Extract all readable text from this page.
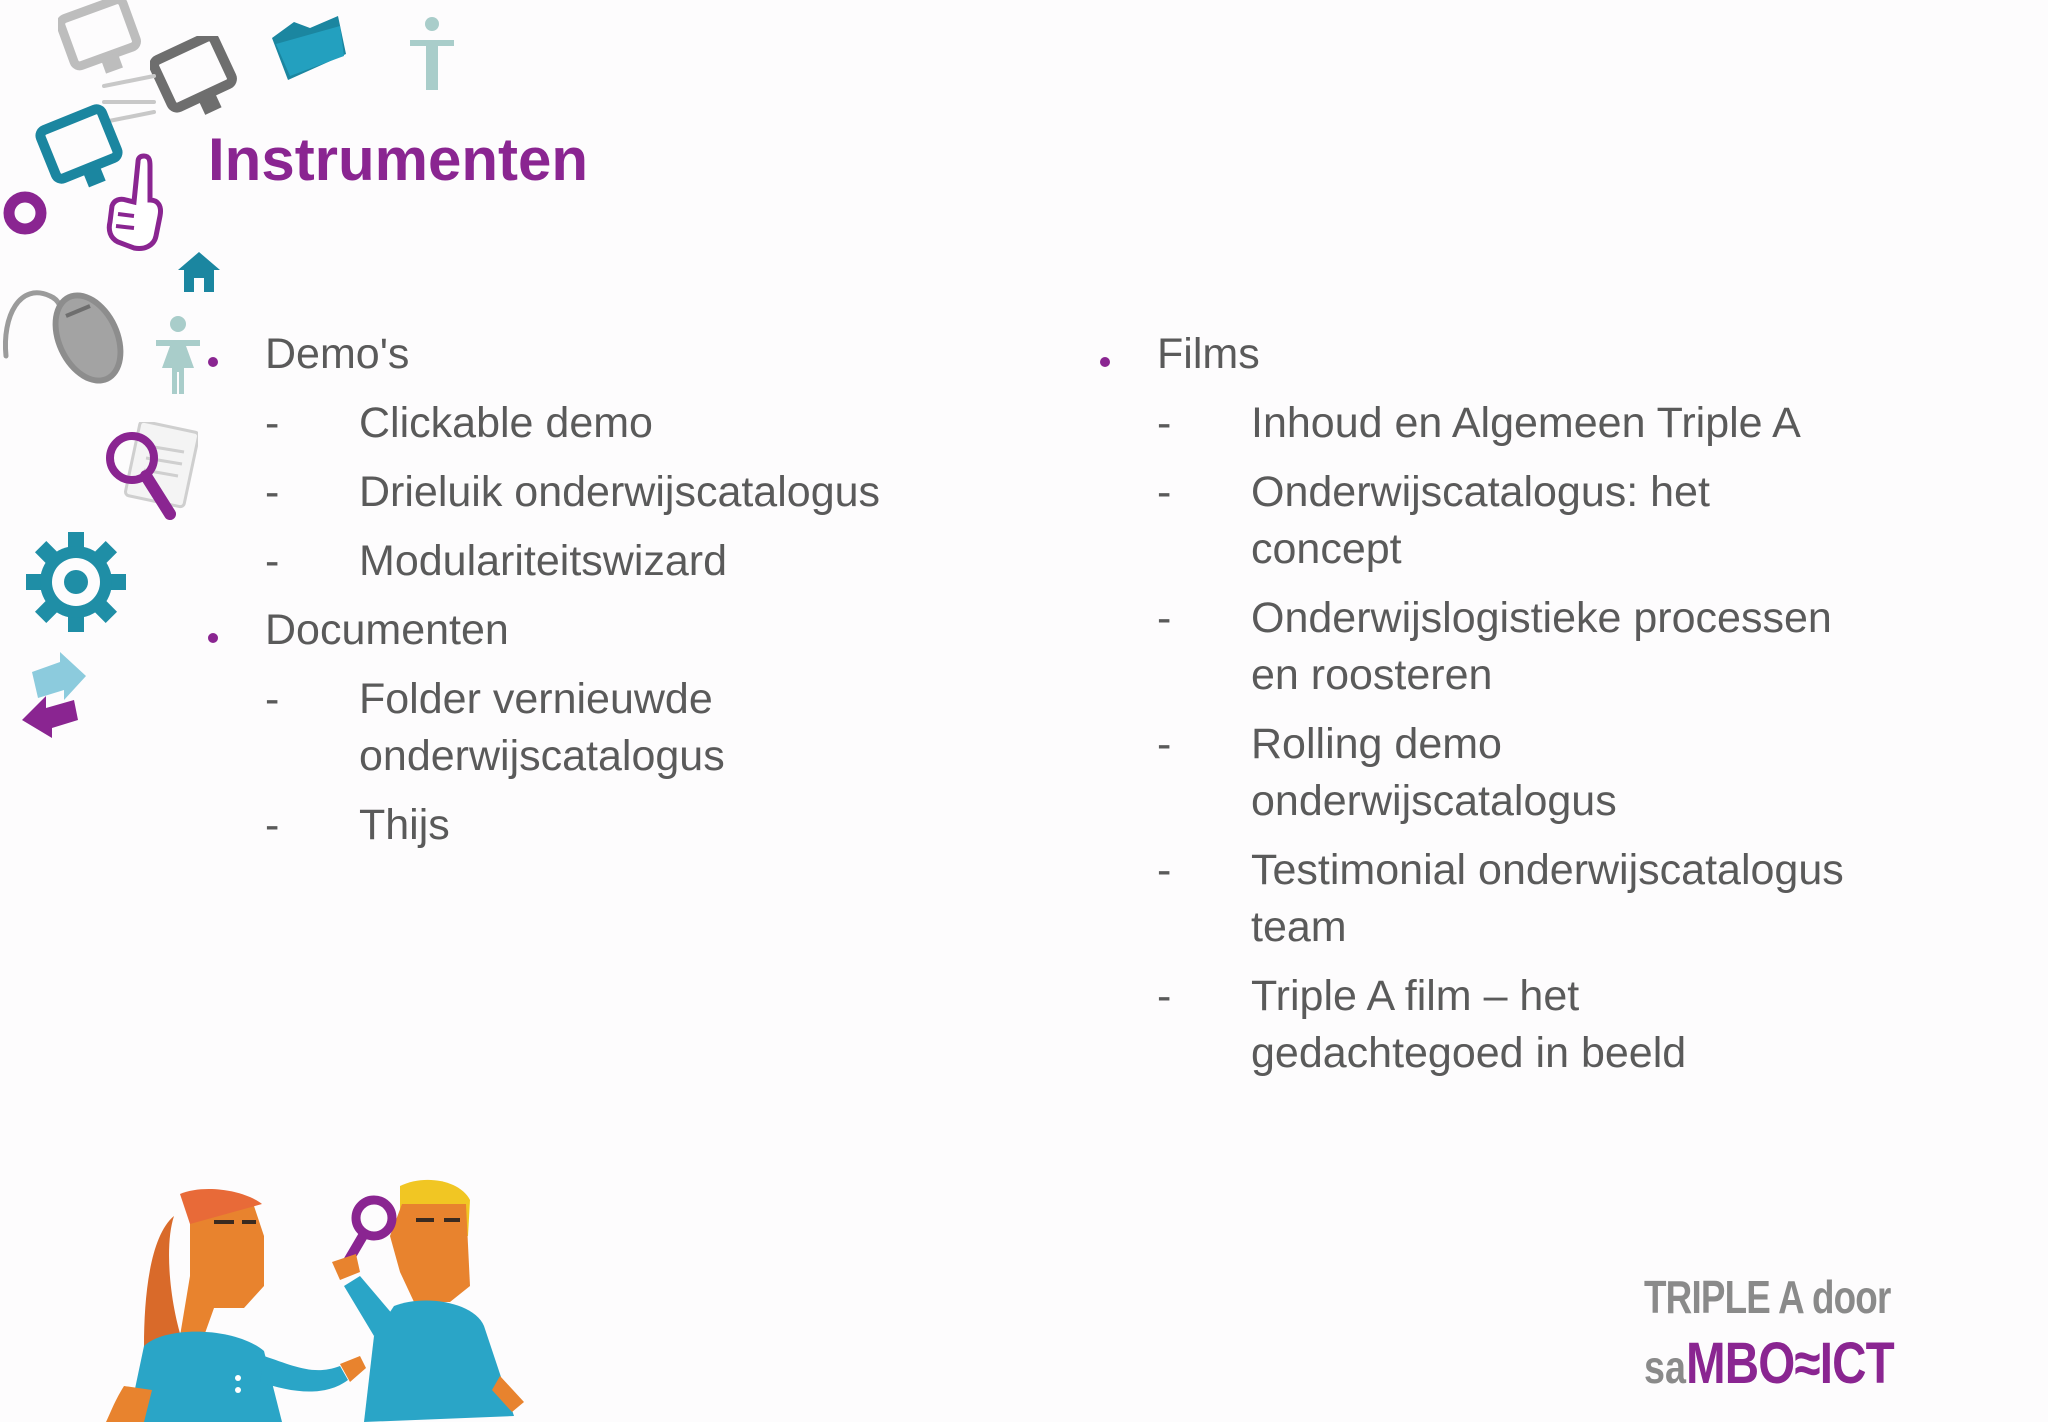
Instrumenten
Demo's
-	Clickable demo
-	Drieluik onderwijscatalogus
-	Modulariteitswizard
Documenten
-	Folder vernieuwde onderwijscatalogus
-	Thijs
Films
-	Inhoud en Algemeen Triple A
-	Onderwijscatalogus: het concept
-	Onderwijslogistieke processen en roosteren
-	Rolling demo onderwijscatalogus
-	Testimonial onderwijscatalogus team
-	Triple A film – het gedachtegoed in beeld
TRIPLE A door
saMBO≈ICT
